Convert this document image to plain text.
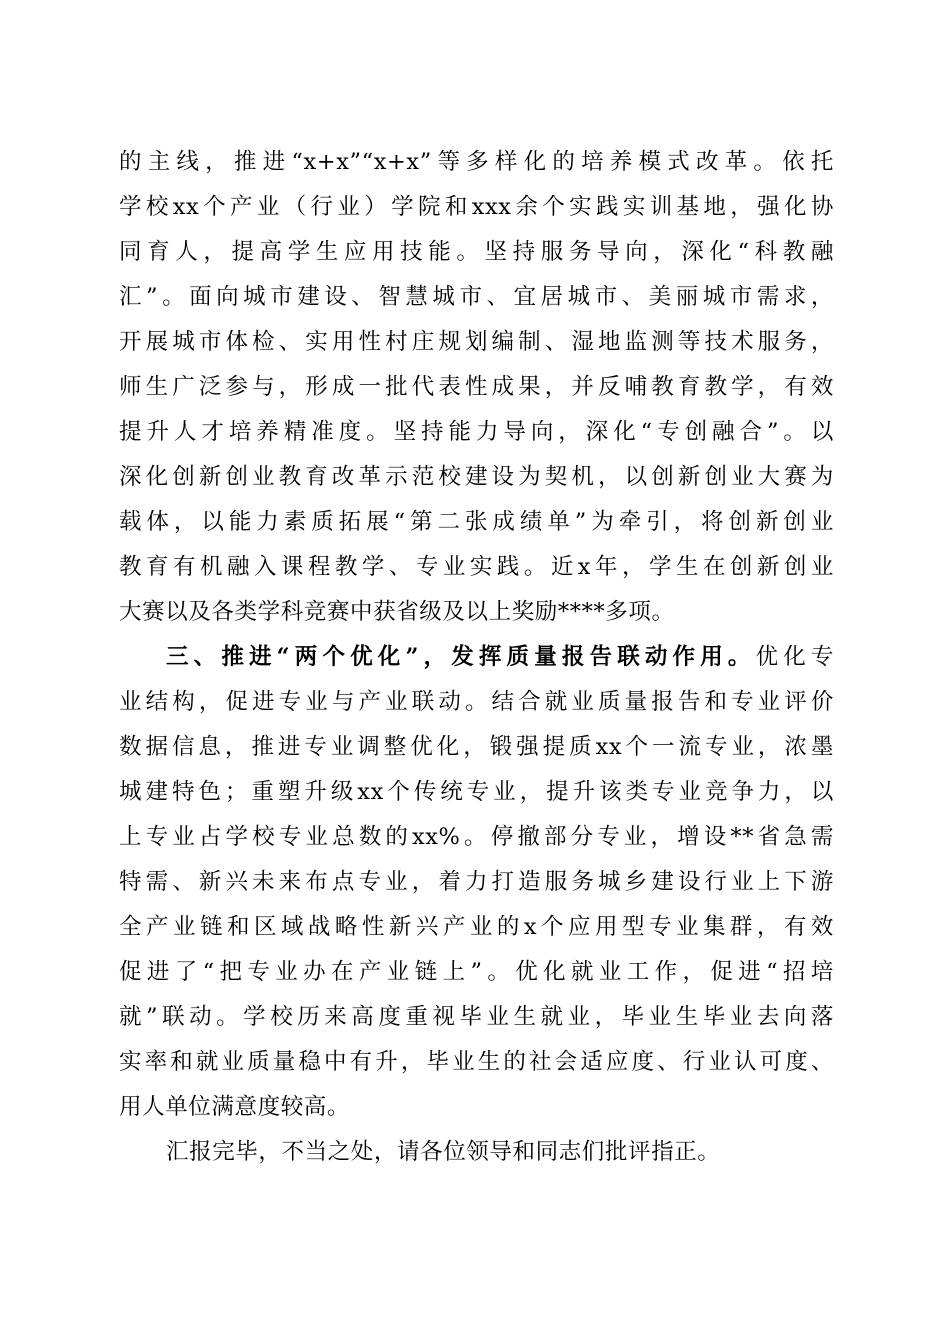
的主线，推进“x+x”“x+x”等多样化的培养模式改革。依托
学校xx个产业（行业）学院和xxx余个实践实训基地，强化协
同育人，提高学生应用技能。坚持服务导向，深化“科教融
汇”。面向城市建设、智慧城市、宜居城市、美丽城市需求，
开展城市体检、实用性村庄规划编制、湿地监测等技术服务，
师生广泛参与，形成一批代表性成果，并反哺教育教学，有效
提升人才培养精准度。坚持能力导向，深化“专创融合”。以
深化创新创业教育改革示范校建设为契机，以创新创业大赛为
载体，以能力素质拓展“第二张成绩单”为牵引，将创新创业
教育有机融入课程教学、专业实践。近x年，学生在创新创业
大赛以及各类学科竞赛中获省级及以上奖励****多项。
三、推进“两个优化”，发挥质量报告联动作用。优化专
业结构，促进专业与产业联动。结合就业质量报告和专业评价
数据信息，推进专业调整优化，锻强提质xx个一流专业，浓墨
城建特色；重塑升级xx个传统专业，提升该类专业竞争力，以
上专业占学校专业总数的xx%。停撤部分专业，增设**省急需
特需、新兴未来布点专业，着力打造服务城乡建设行业上下游
全产业链和区域战略性新兴产业的x个应用型专业集群，有效
促进了“把专业办在产业链上”。优化就业工作，促进“招培
就”联动。学校历来高度重视毕业生就业，毕业生毕业去向落
实率和就业质量稳中有升，毕业生的社会适应度、行业认可度、
用人单位满意度较高。
汇报完毕，不当之处，请各位领导和同志们批评指正。
